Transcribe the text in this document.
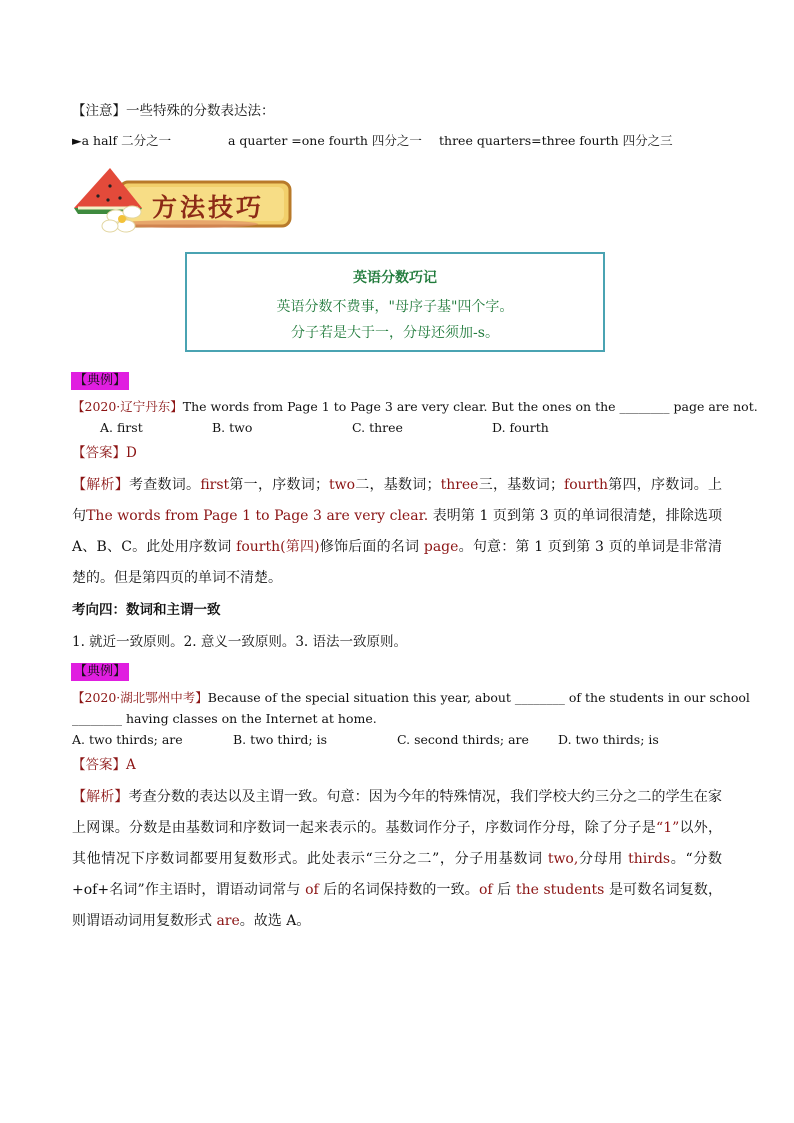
【注意】一些特殊的分数表达法：
►a half 二分之一	a quarter =one fourth 四分之一 three quarters=three fourth 四分之三
方法技巧
英语分数巧记
英语分数不费事，"母序子基"四个字。
分子若是大于一，分母还须加-s。
【典例】
【2020·辽宁丹东】The words from Page 1 to Page 3 are very clear. But the ones on the ________ page are not.
A. first	B. two	C. three	D. fourth
【答案】D
【解析】考查数词。first第一，序数词；two二，基数词；three三，基数词；fourth第四，序数词。上句The words from Page 1 to Page 3 are very clear. 表明第 1 页到第 3 页的单词很清楚，排除选项 A、B、C。此处用序数词 fourth(第四)修饰后面的名词 page。句意：第 1 页到第 3 页的单词是非常清楚的。但是第四页的单词不清楚。
考向四：数词和主谓一致
1. 就近一致原则。2. 意义一致原则。3. 语法一致原则。
【典例】
【2020·湖北鄂州中考】Because of the special situation this year, about ________ of the students in our school
________ having classes on the Internet at home.
A. two thirds; are	B. two third; is	C. second thirds; are D. two thirds; is
【答案】A
【解析】考查分数的表达以及主谓一致。句意：因为今年的特殊情况，我们学校大约三分之二的学生在家上网课。分数是由基数词和序数词一起来表示的。基数词作分子，序数词作分母，除了分子是“1”以外，其他情况下序数词都要用复数形式。此处表示“三分之二”，分子用基数词 two,分母用 thirds。“分数+of+名词”作主语时，谓语动词常与 of 后的名词保持数的一致。of 后 the students 是可数名词复数，则谓语动词用复数形式 are。故选 A。
